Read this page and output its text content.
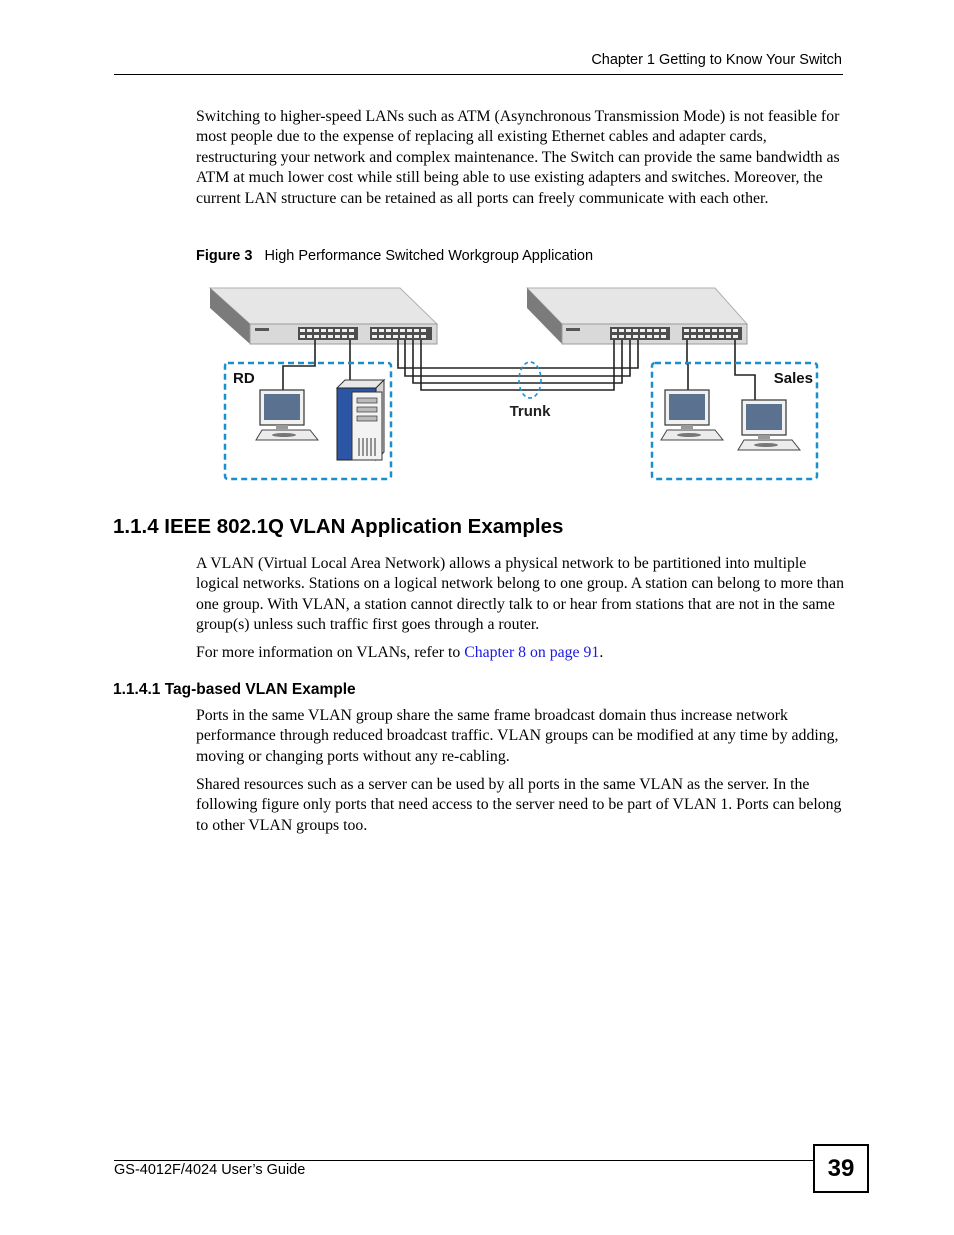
Chapter 1 Getting to Know Your Switch
Switching to higher-speed LANs such as ATM (Asynchronous Transmission Mode) is not feasible for most people due to the expense of replacing all existing Ethernet cables and adapter cards, restructuring your network and complex maintenance. The Switch can provide the same bandwidth as ATM at much lower cost while still being able to use existing adapters and switches. Moreover, the current LAN structure can be retained as all ports can freely communicate with each other.
Figure 3 High Performance Switched Workgroup Application
Trunk
RD	Sales
1.1.4 IEEE 802.1Q VLAN Application Examples
A VLAN (Virtual Local Area Network) allows a physical network to be partitioned into multiple logical networks. Stations on a logical network belong to one group. A station can belong to more than one group. With VLAN, a station cannot directly talk to or hear from stations that are not in the same group(s) unless such traffic first goes through a router.
For more information on VLANs, refer to Chapter 8 on page 91.
1.1.4.1 Tag-based VLAN Example
Ports in the same VLAN group share the same frame broadcast domain thus increase network performance through reduced broadcast traffic. VLAN groups can be modified at any time by adding, moving or changing ports without any re-cabling.
Shared resources such as a server can be used by all ports in the same VLAN as the server. In the following figure only ports that need access to the server need to be part of VLAN 1. Ports can belong to other VLAN groups too.
GS-4012F/4024 User’s Guide	39
